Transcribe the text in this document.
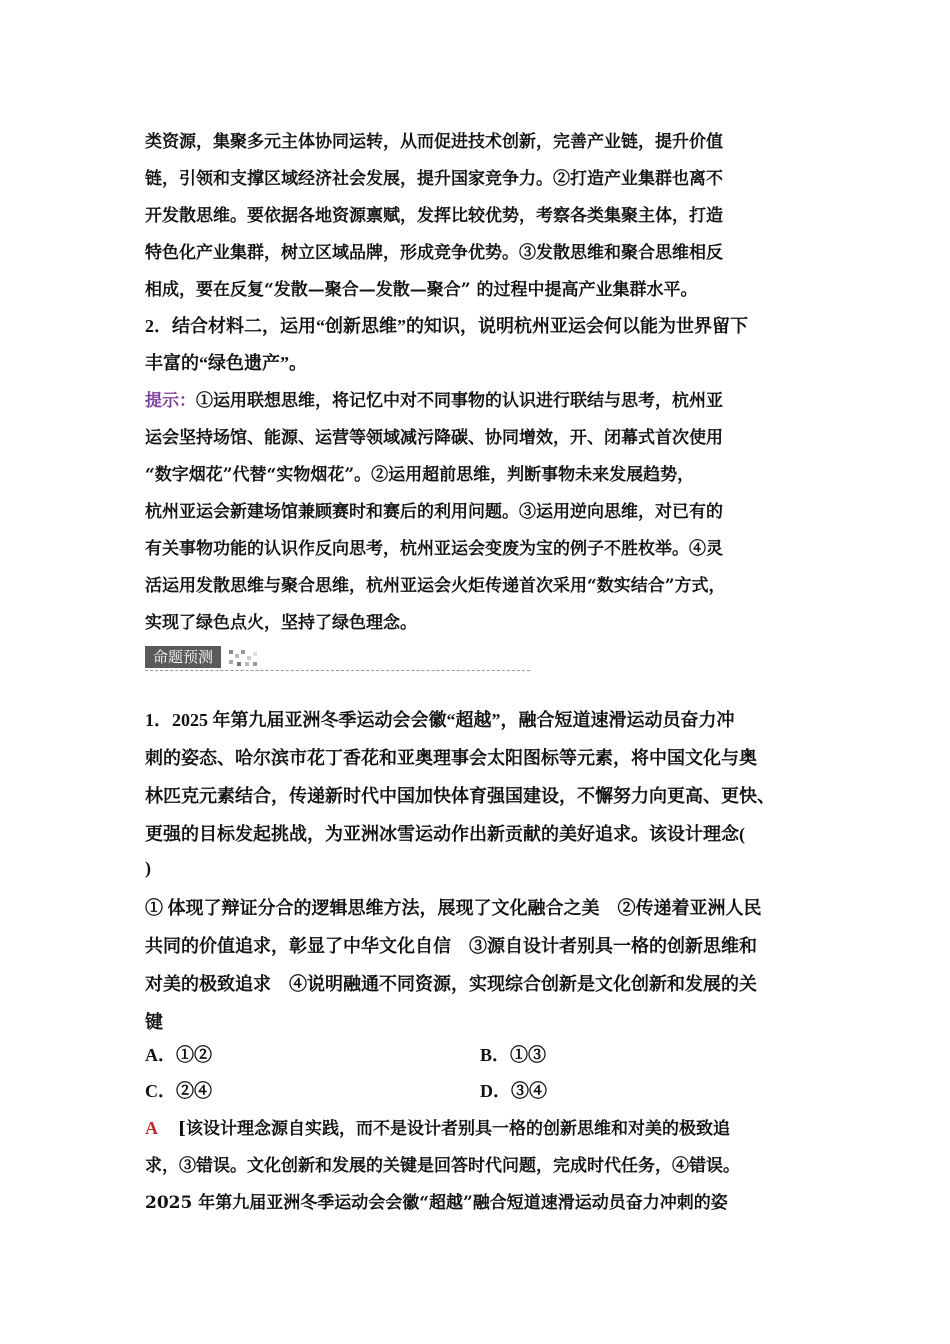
类资源，集聚多元主体协同运转，从而促进技术创新，完善产业链，提升价值
链，引领和支撑区域经济社会发展，提升国家竞争力。②打造产业集群也离不
开发散思维。要依据各地资源禀赋，发挥比较优势，考察各类集聚主体，打造
特色化产业集群，树立区域品牌，形成竞争优势。③发散思维和聚合思维相反
相成，要在反复“发散—聚合—发散—聚合” 的过程中提高产业集群水平。
2．结合材料二，运用“创新思维”的知识，说明杭州亚运会何以能为世界留下
丰富的“绿色遗产”。
提示：①运用联想思维，将记忆中对不同事物的认识进行联结与思考，杭州亚
运会坚持场馆、能源、运营等领域减污降碳、协同增效，开、闭幕式首次使用
“数字烟花”代替“实物烟花”。②运用超前思维，判断事物未来发展趋势，
杭州亚运会新建场馆兼顾赛时和赛后的利用问题。③运用逆向思维，对已有的
有关事物功能的认识作反向思考，杭州亚运会变废为宝的例子不胜枚举。④灵
活运用发散思维与聚合思维，杭州亚运会火炬传递首次采用“数实结合”方式，
实现了绿色点火，坚持了绿色理念。
命题预测
1．2025 年第九届亚洲冬季运动会会徽“超越”，融合短道速滑运动员奋力冲
刺的姿态、哈尔滨市花丁香花和亚奥理事会太阳图标等元素，将中国文化与奥
林匹克元素结合，传递新时代中国加快体育强国建设，不懈努力向更高、更快、
更强的目标发起挑战，为亚洲冰雪运动作出新贡献的美好追求。该设计理念(
)
① 体现了辩证分合的逻辑思维方法，展现了文化融合之美　②传递着亚洲人民
共同的价值追求，彰显了中华文化自信　③源自设计者别具一格的创新思维和
对美的极致追求　④说明融通不同资源，实现综合创新是文化创新和发展的关
键
A．①②	B．①③
C．②④	D．③④
A [该设计理念源自实践，而不是设计者别具一格的创新思维和对美的极致追
求，③错误。文化创新和发展的关键是回答时代问题，完成时代任务，④错误。
2025 年第九届亚洲冬季运动会会徽“超越”融合短道速滑运动员奋力冲刺的姿
